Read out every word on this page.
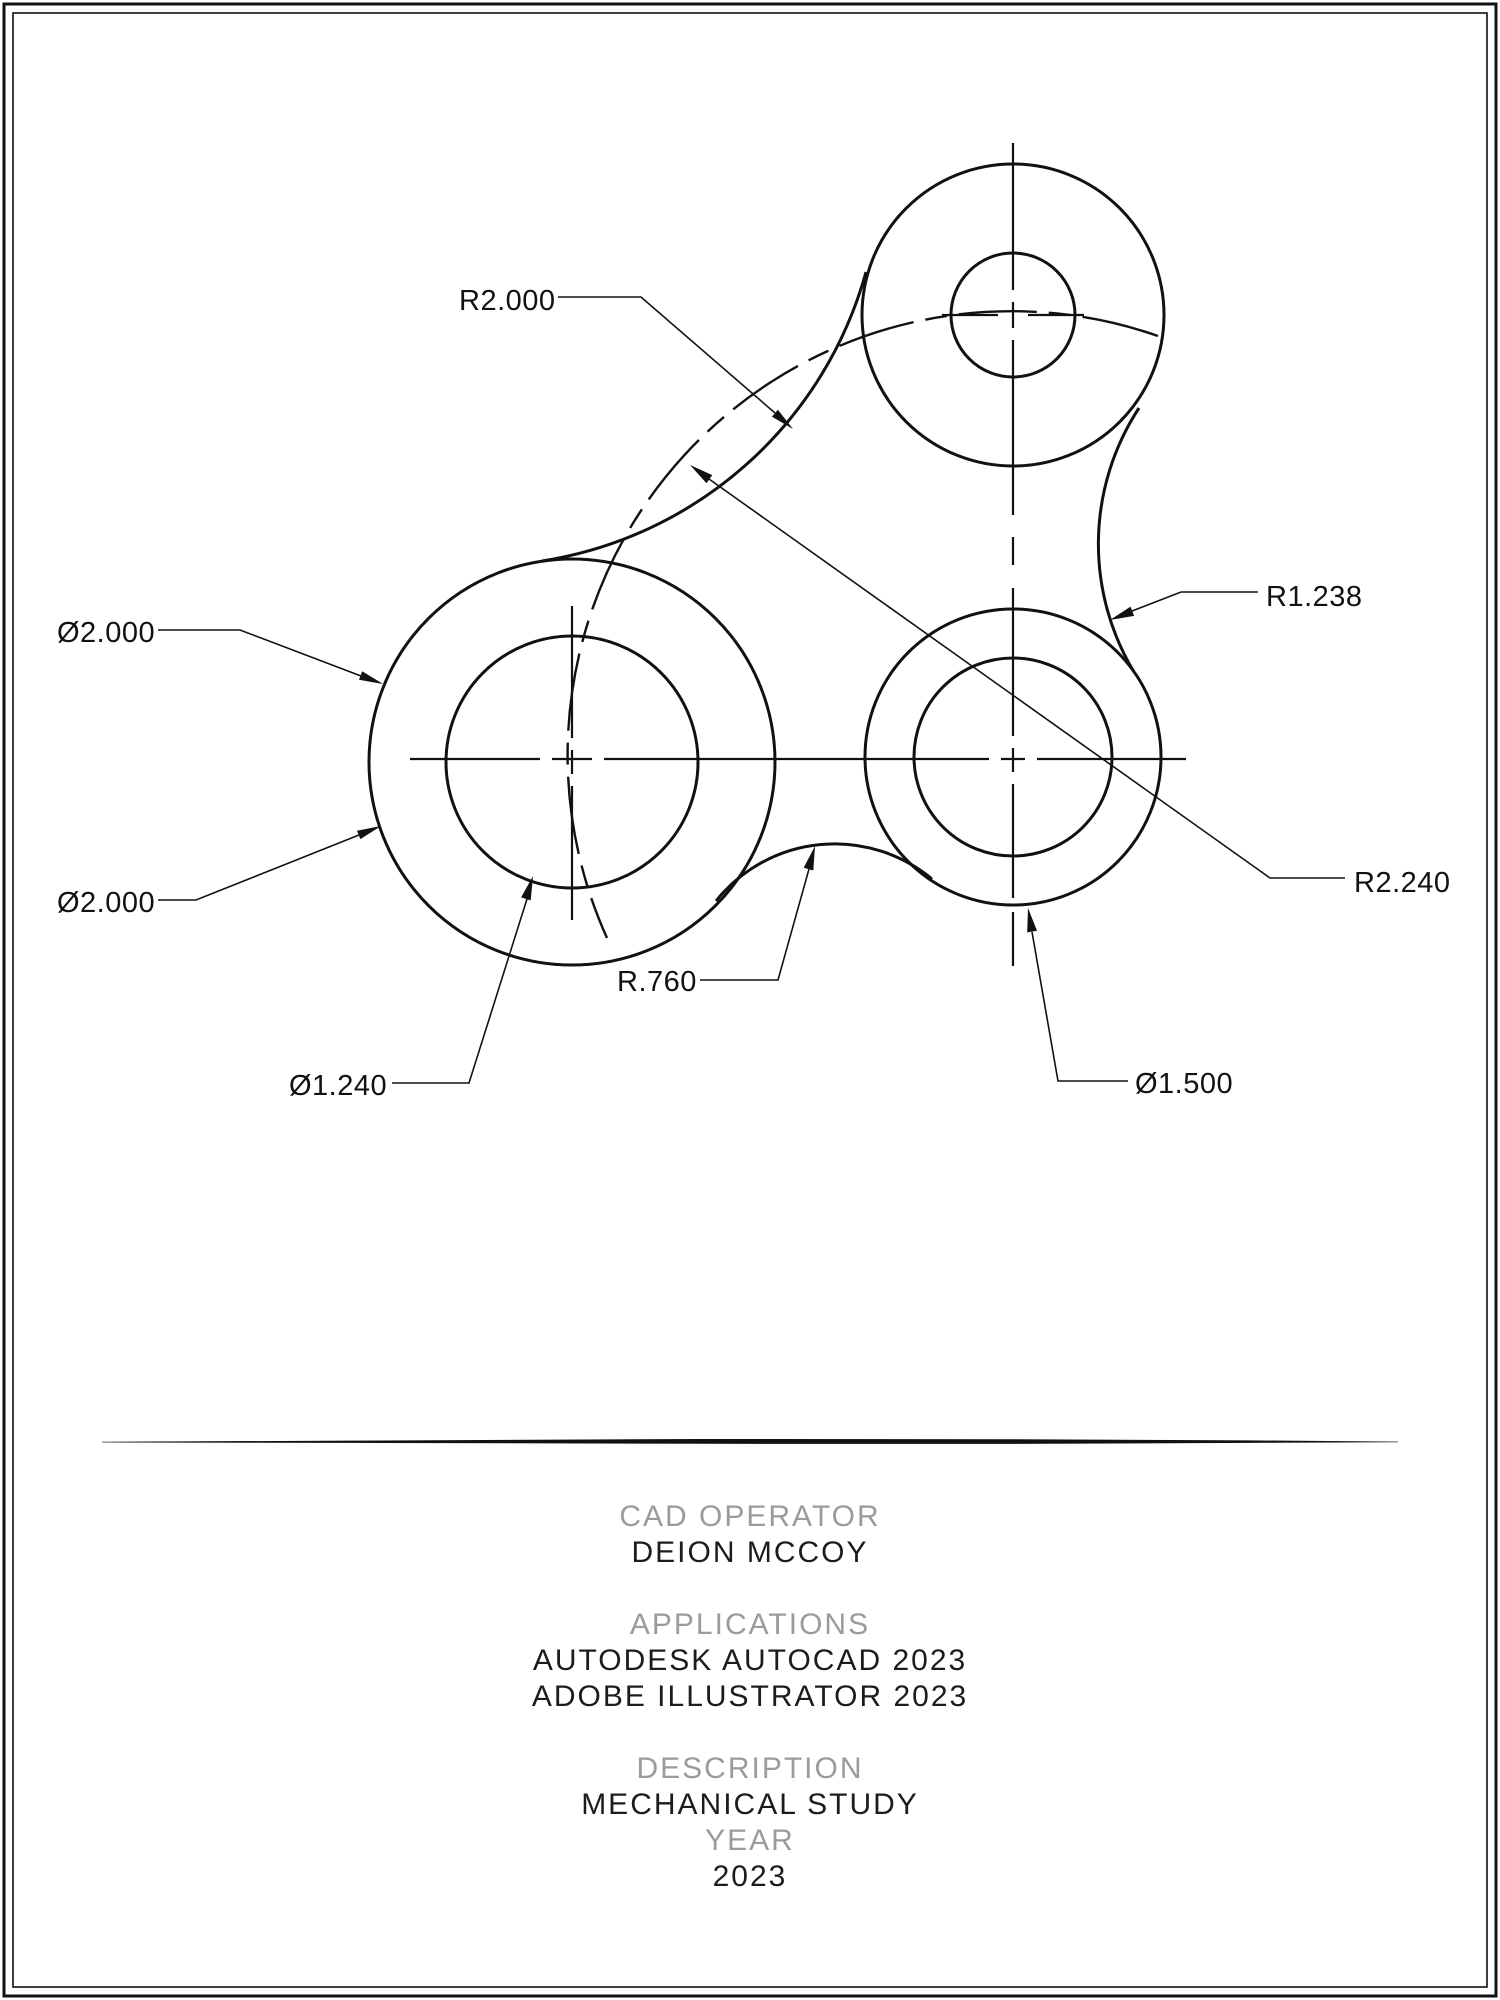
R2.000
Ø2.000
Ø2.000
R1.238
R2.240
R.760
Ø1.240	Ø1.500
CAD OPERATOR
DEION MCCOY
APPLICATIONS
AUTODESK AUTOCAD 2023
ADOBE ILLUSTRATOR 2023
DESCRIPTION
MECHANICAL STUDY
YEAR
2023
